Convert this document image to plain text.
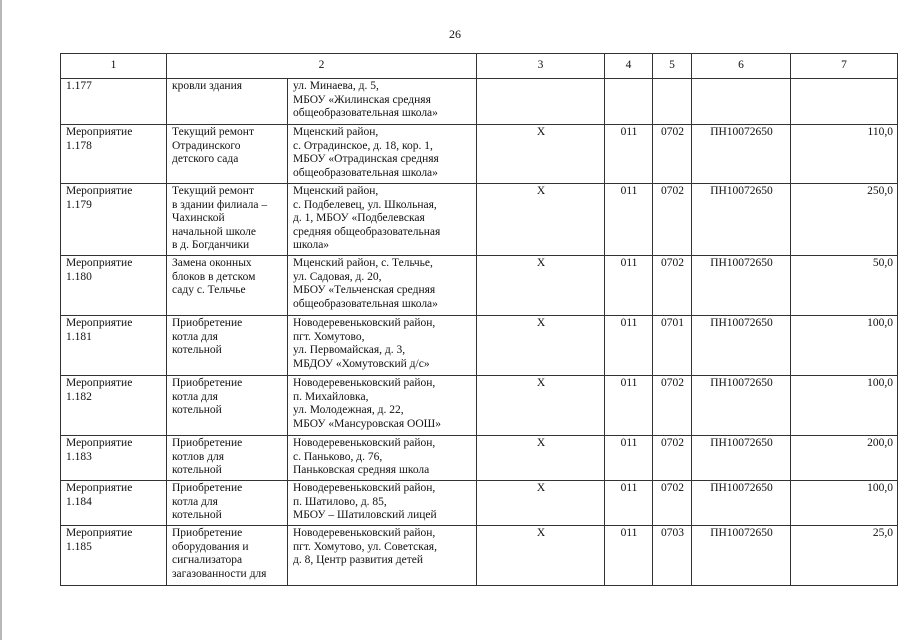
26
1	2		3	4	5	6	7

1.177	кровли здания	ул. Минаева, д. 5,
МБОУ «Жилинская средняя
общеобразовательная школа»					

Мероприятие
1.178	Текущий ремонт
Отрадинского
детского сада	Мценский район,
с. Отрадинское, д. 18, кор. 1,
МБОУ «Отрадинская средняя
общеобразовательная школа»	Х	011	0702	ПН10072650	110,0

Мероприятие
1.179	Текущий ремонт
в здании филиала –
Чахинской
начальной школе
в д. Богданчики	Мценский район,
с. Подбелевец, ул. Школьная,
д. 1, МБОУ «Подбелевская
средняя общеобразовательная
школа»	Х	011	0702	ПН10072650	250,0

Мероприятие
1.180	Замена оконных
блоков в детском
саду с. Тельчье	Мценский район, с. Тельчье,
ул. Садовая, д. 20,
МБОУ «Тельченская средняя
общеобразовательная школа»	Х	011	0702	ПН10072650	50,0

Мероприятие
1.181	Приобретение
котла для
котельной	Новодеревеньковский район,
пгт. Хомутово,
ул. Первомайская, д. 3,
МБДОУ «Хомутовский д/с»	Х	011	0701	ПН10072650	100,0

Мероприятие
1.182	Приобретение
котла для
котельной	Новодеревеньковский район,
п. Михайловка,
ул. Молодежная, д. 22,
МБОУ «Мансуровская ООШ»	Х	011	0702	ПН10072650	100,0

Мероприятие
1.183	Приобретение
котлов для
котельной	Новодеревеньковский район,
с. Паньково, д. 76,
Паньковская средняя школа	Х	011	0702	ПН10072650	200,0

Мероприятие
1.184	Приобретение
котла для
котельной	Новодеревеньковский район,
п. Шатилово, д. 85,
МБОУ – Шатиловский лицей	Х	011	0702	ПН10072650	100,0

Мероприятие
1.185	Приобретение
оборудования и
сигнализатора
загазованности для	Новодеревеньковский район,
пгт. Хомутово, ул. Советская,
д. 8, Центр развития детей	Х	011	0703	ПН10072650	25,0
